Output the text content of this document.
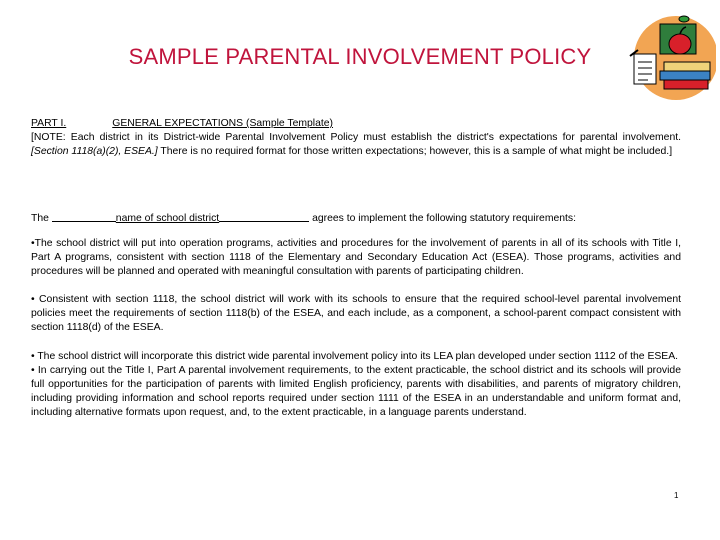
SAMPLE PARENTAL INVOLVEMENT POLICY
PART I.	GENERAL EXPECTATIONS (Sample Template)
[NOTE: Each district in its District-wide Parental Involvement Policy must establish the district's expectations for parental involvement. [Section 1118(a)(2), ESEA.] There is no required format for those written expectations; however, this is a sample of what might be included.]
The	name of school district	agrees to implement the following statutory requirements:
•The school district will put into operation programs, activities and procedures for the involvement of parents in all of its schools with Title I, Part A programs, consistent with section 1118 of the Elementary and Secondary Education Act (ESEA). Those programs, activities and procedures will be planned and operated with meaningful consultation with parents of participating children.
• Consistent with section 1118, the school district will work with its schools to ensure that the required school-level parental involvement policies meet the requirements of section 1118(b) of the ESEA, and each include, as a component, a school-parent compact consistent with section 1118(d) of the ESEA.
• The school district will incorporate this district wide parental involvement policy into its LEA plan developed under section 1112 of the ESEA.
• In carrying out the Title I, Part A parental involvement requirements, to the extent practicable, the school district and its schools will provide full opportunities for the participation of parents with limited English proficiency, parents with disabilities, and parents of migratory children, including providing information and school reports required under section 1111 of the ESEA in an understandable and uniform format and, including alternative formats upon request, and, to the extent practicable, in a language parents understand.
1
